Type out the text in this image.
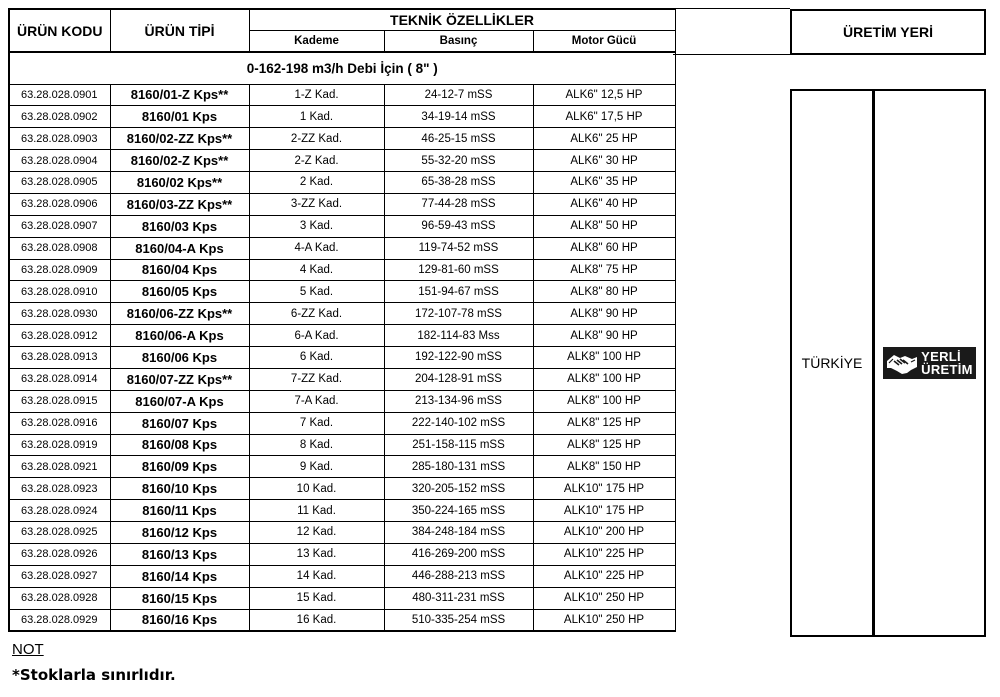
ÜRÜN KODU	ÜRÜN TİPİ	TEKNİK ÖZELLİKLER		
		Kademe	Basınç	Motor Gücü
0-162-198 m3/h Debi İçin ( 8" )				
63.28.028.0901	8160/01-Z Kps**	1-Z Kad.	24-12-7 mSS	ALK6" 12,5 HP
63.28.028.0902	8160/01 Kps	1 Kad.	34-19-14 mSS	ALK6" 17,5 HP
63.28.028.0903	8160/02-ZZ Kps**	2-ZZ Kad.	46-25-15 mSS	ALK6" 25 HP
63.28.028.0904	8160/02-Z Kps**	2-Z Kad.	55-32-20 mSS	ALK6" 30 HP
63.28.028.0905	8160/02 Kps**	2 Kad.	65-38-28 mSS	ALK6" 35 HP
63.28.028.0906	8160/03-ZZ Kps**	3-ZZ Kad.	77-44-28 mSS	ALK6" 40 HP
63.28.028.0907	8160/03 Kps	3 Kad.	96-59-43 mSS	ALK8" 50 HP
63.28.028.0908	8160/04-A Kps	4-A Kad.	119-74-52 mSS	ALK8" 60 HP
63.28.028.0909	8160/04 Kps	4 Kad.	129-81-60 mSS	ALK8" 75 HP
63.28.028.0910	8160/05 Kps	5 Kad.	151-94-67 mSS	ALK8" 80 HP
63.28.028.0930	8160/06-ZZ Kps**	6-ZZ Kad.	172-107-78 mSS	ALK8" 90 HP
63.28.028.0912	8160/06-A Kps	6-A Kad.	182-114-83 Mss	ALK8" 90 HP
63.28.028.0913	8160/06 Kps	6 Kad.	192-122-90 mSS	ALK8" 100 HP
63.28.028.0914	8160/07-ZZ Kps**	7-ZZ Kad.	204-128-91 mSS	ALK8" 100 HP
63.28.028.0915	8160/07-A Kps	7-A Kad.	213-134-96 mSS	ALK8" 100 HP
63.28.028.0916	8160/07 Kps	7 Kad.	222-140-102 mSS	ALK8" 125 HP
63.28.028.0919	8160/08 Kps	8 Kad.	251-158-115 mSS	ALK8" 125 HP
63.28.028.0921	8160/09 Kps	9 Kad.	285-180-131 mSS	ALK8" 150 HP
63.28.028.0923	8160/10 Kps	10 Kad.	320-205-152 mSS	ALK10" 175 HP
63.28.028.0924	8160/11 Kps	11 Kad.	350-224-165 mSS	ALK10" 175 HP
63.28.028.0925	8160/12 Kps	12 Kad.	384-248-184 mSS	ALK10" 200 HP
63.28.028.0926	8160/13 Kps	13 Kad.	416-269-200 mSS	ALK10" 225 HP
63.28.028.0927	8160/14 Kps	14 Kad.	446-288-213 mSS	ALK10" 225 HP
63.28.028.0928	8160/15 Kps	15 Kad.	480-311-231 mSS	ALK10" 250 HP
63.28.028.0929	8160/16 Kps	16 Kad.	510-335-254 mSS	ALK10" 250 HP
ÜRETİM YERİ
TÜRKİYE	YERLİ
ÜRETİM
NOT
*Stoklarla sınırlıdır.
